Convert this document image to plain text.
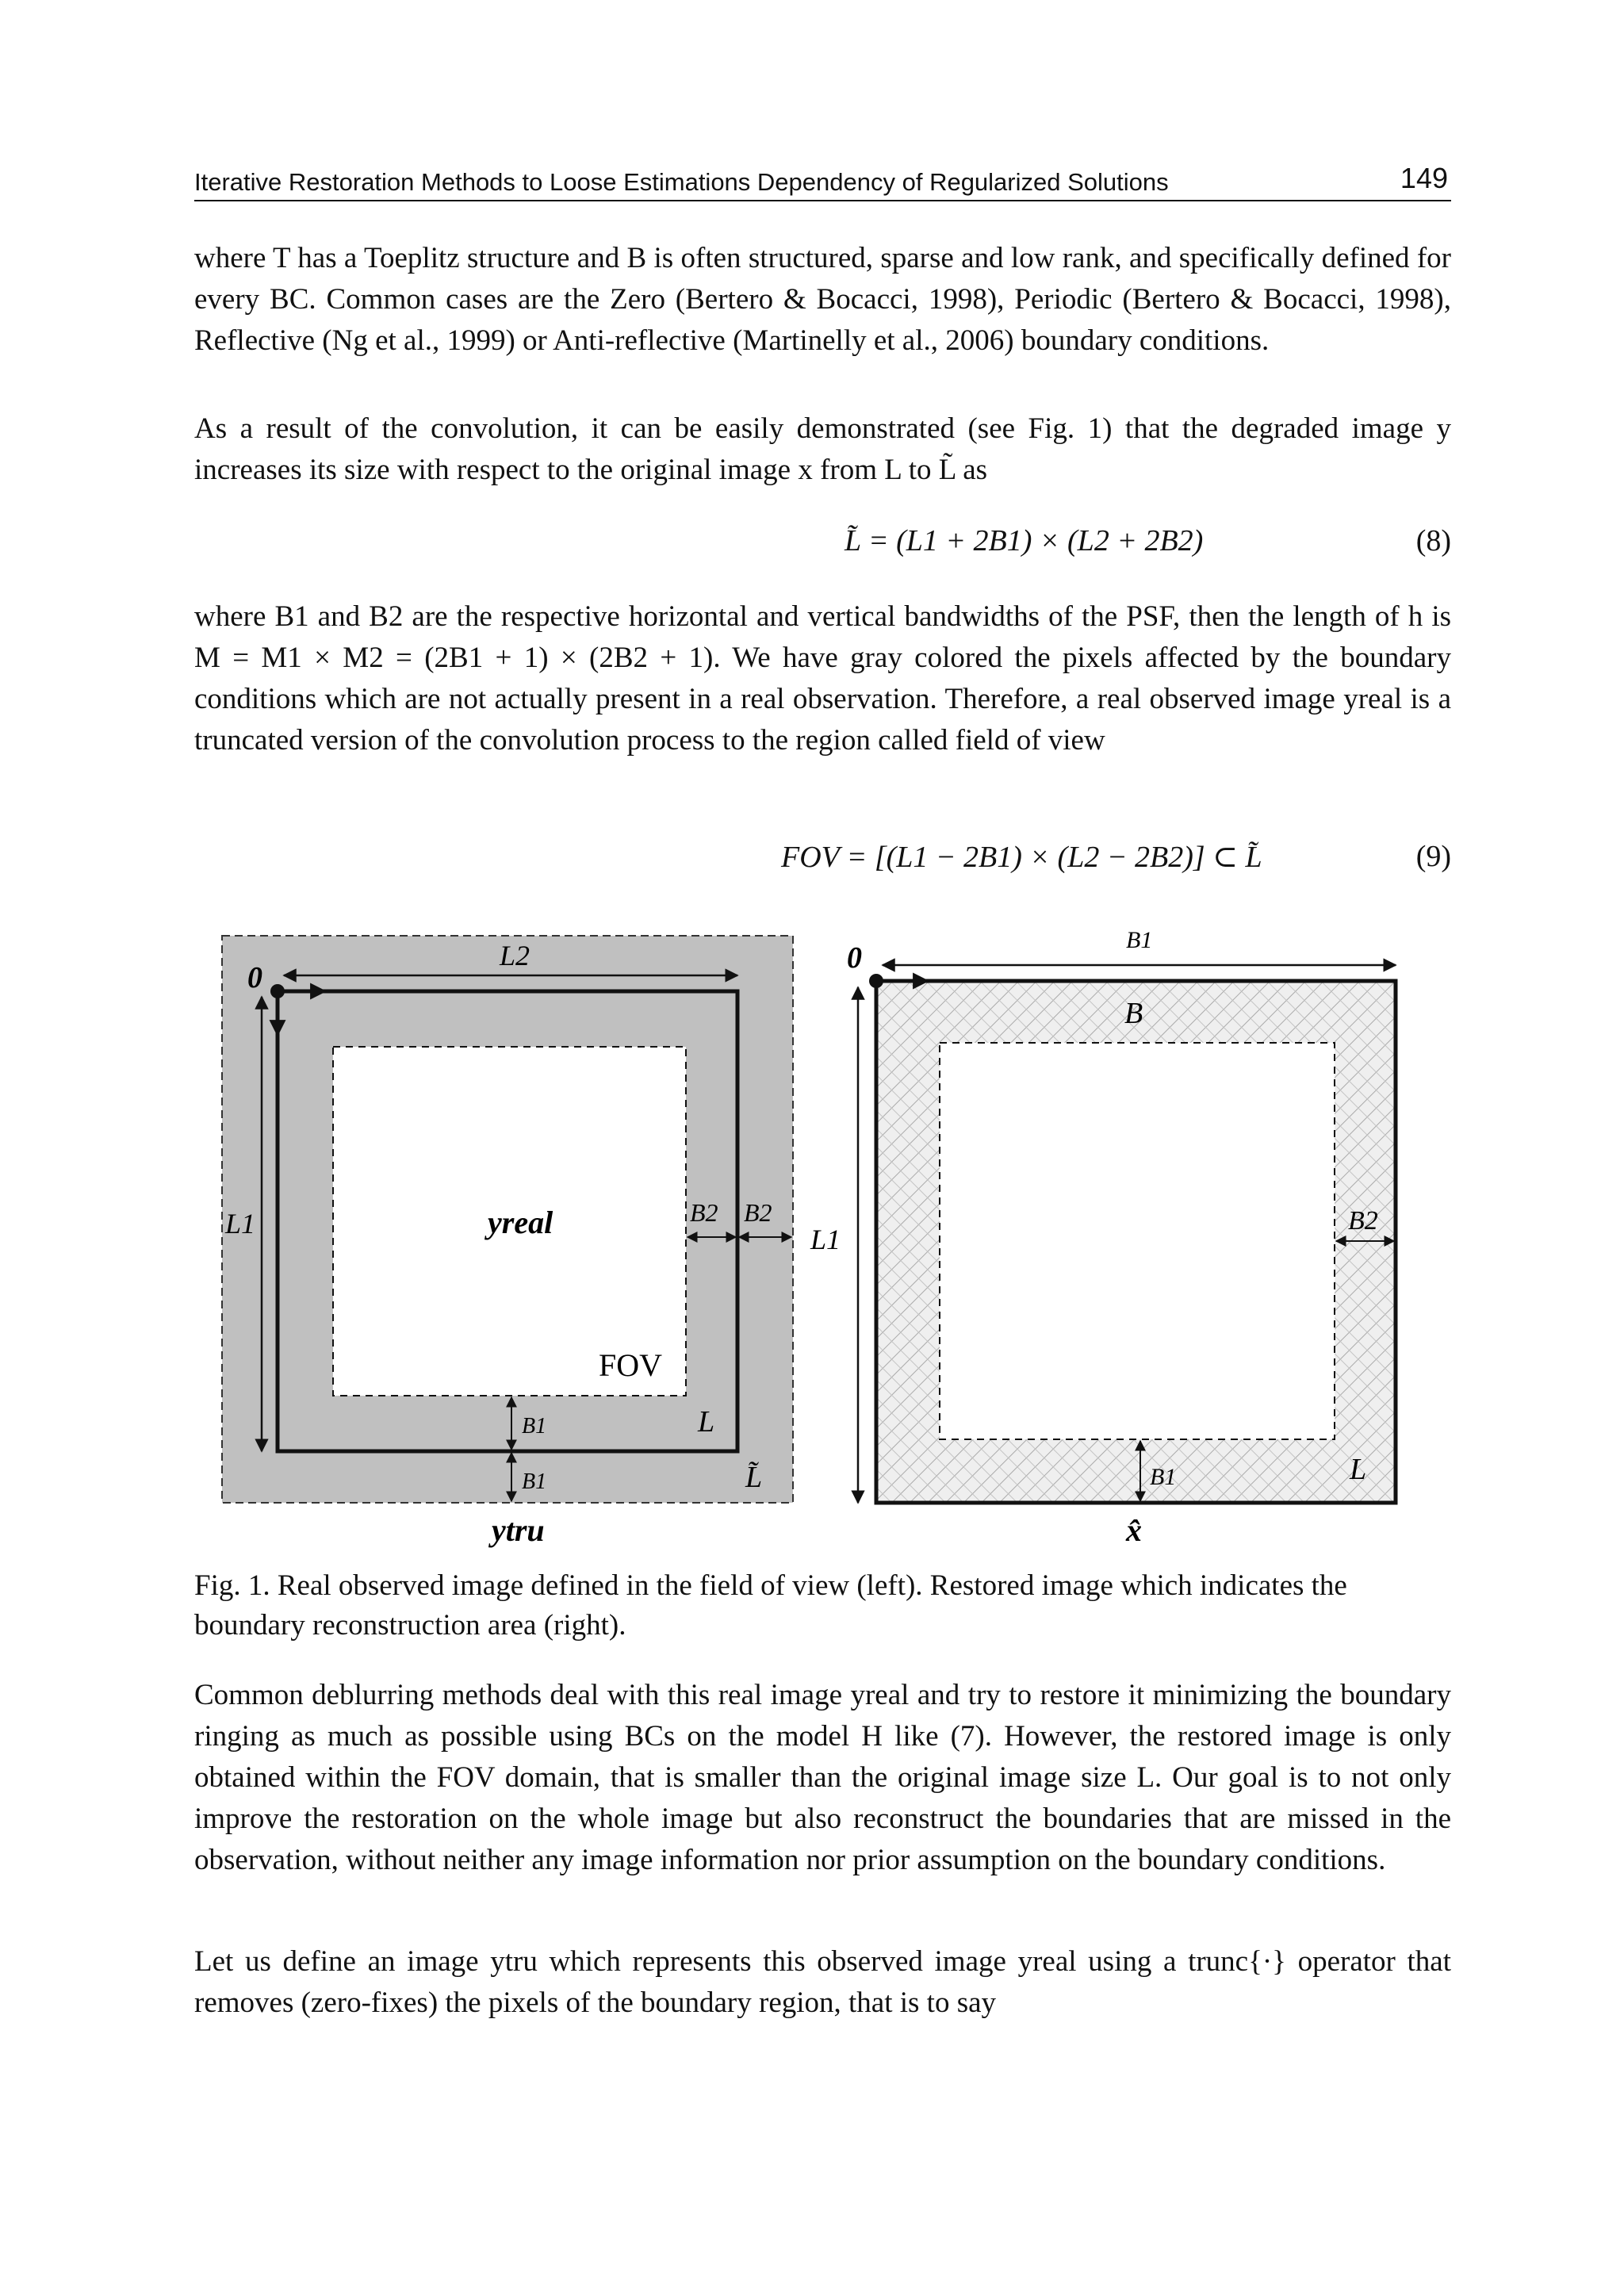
Iterative Restoration Methods to Loose Estimations Dependency of Regularized Solutions	149

where T has a Toeplitz structure and B is often structured, sparse and low rank, and specifically defined for every BC. Common cases are the Zero (Bertero & Bocacci, 1998), Periodic (Bertero & Bocacci, 1998), Reflective (Ng et al., 1999) or Anti-reflective (Martinelly et al., 2006) boundary conditions.

As a result of the convolution, it can be easily demonstrated (see Fig. 1) that the degraded image y increases its size with respect to the original image x from L to L̃ as

L̃ = (L1 + 2B1) × (L2 + 2B2)	(8)

where B1 and B2 are the respective horizontal and vertical bandwidths of the PSF, then the length of h is M = M1 × M2 = (2B1 + 1) × (2B2 + 1). We have gray colored the pixels affected by the boundary conditions which are not actually present in a real observation. Therefore, a real observed image yreal is a truncated version of the convolution process to the region called field of view

FOV = [(L1 − 2B1) × (L2 − 2B2)] ⊂ L̃	(9)
0
L2
L1	yreal
FOV
B2 B2
B1
B1
L
L̃
ytru
0
B1
B
L1
B2
B1	L
x̂

Fig. 1. Real observed image defined in the field of view (left). Restored image which indicates the boundary reconstruction area (right).

Common deblurring methods deal with this real image yreal and try to restore it minimizing the boundary ringing as much as possible using BCs on the model H like (7). However, the restored image is only obtained within the FOV domain, that is smaller than the original image size L. Our goal is to not only improve the restoration on the whole image but also reconstruct the boundaries that are missed in the observation, without neither any image information nor prior assumption on the boundary conditions.

Let us define an image ytru which represents this observed image yreal using a trunc{·} operator that removes (zero-fixes) the pixels of the boundary region, that is to say
